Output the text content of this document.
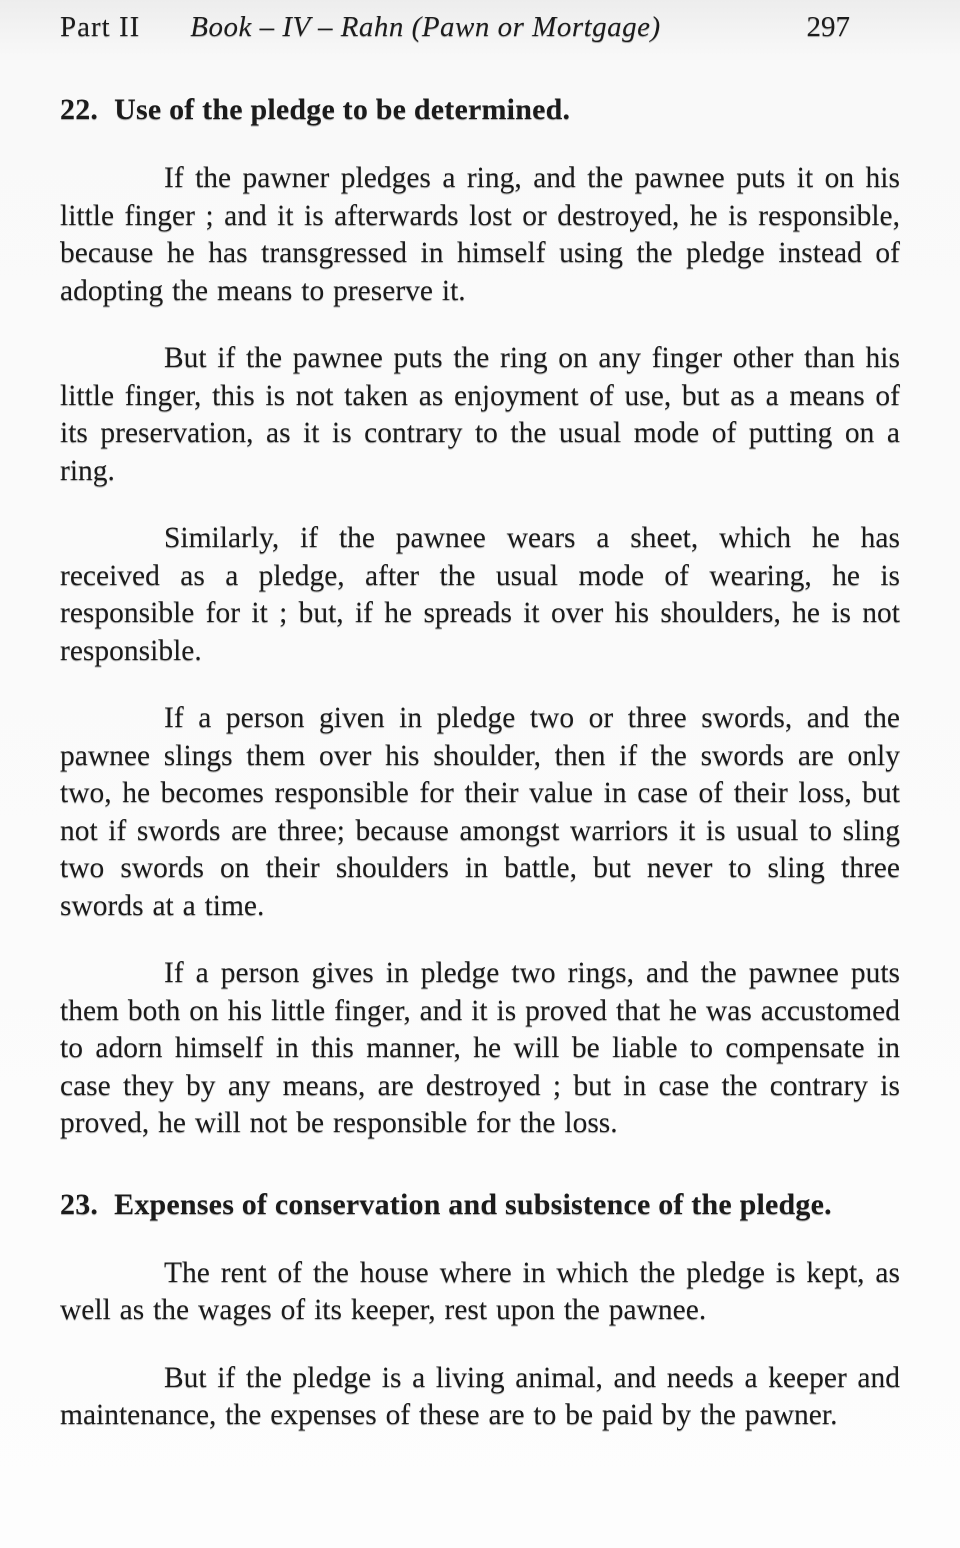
Part II Book – IV – Rahn (Pawn or Mortgage)	297
22. Use of the pledge to be determined.

If the pawner pledges a ring, and the pawnee puts it on his little finger ; and it is afterwards lost or destroyed, he is responsible, because he has transgressed in himself using the pledge instead of adopting the means to preserve it.

But if the pawnee puts the ring on any finger other than his little finger, this is not taken as enjoyment of use, but as a means of its preservation, as it is contrary to the usual mode of putting on a ring.

Similarly, if the pawnee wears a sheet, which he has received as a pledge, after the usual mode of wearing, he is responsible for it ; but, if he spreads it over his shoulders, he is not responsible.

If a person given in pledge two or three swords, and the pawnee slings them over his shoulder, then if the swords are only two, he becomes responsible for their value in case of their loss, but not if swords are three; because amongst warriors it is usual to sling two swords on their shoulders in battle, but never to sling three swords at a time.

If a person gives in pledge two rings, and the pawnee puts them both on his little finger, and it is proved that he was accustomed to adorn himself in this manner, he will be liable to compensate in case they by any means, are destroyed ; but in case the contrary is proved, he will not be responsible for the loss.

23. Expenses of conservation and subsistence of the pledge.

The rent of the house where in which the pledge is kept, as well as the wages of its keeper, rest upon the pawnee.

But if the pledge is a living animal, and needs a keeper and maintenance, the expenses of these are to be paid by the pawner.
